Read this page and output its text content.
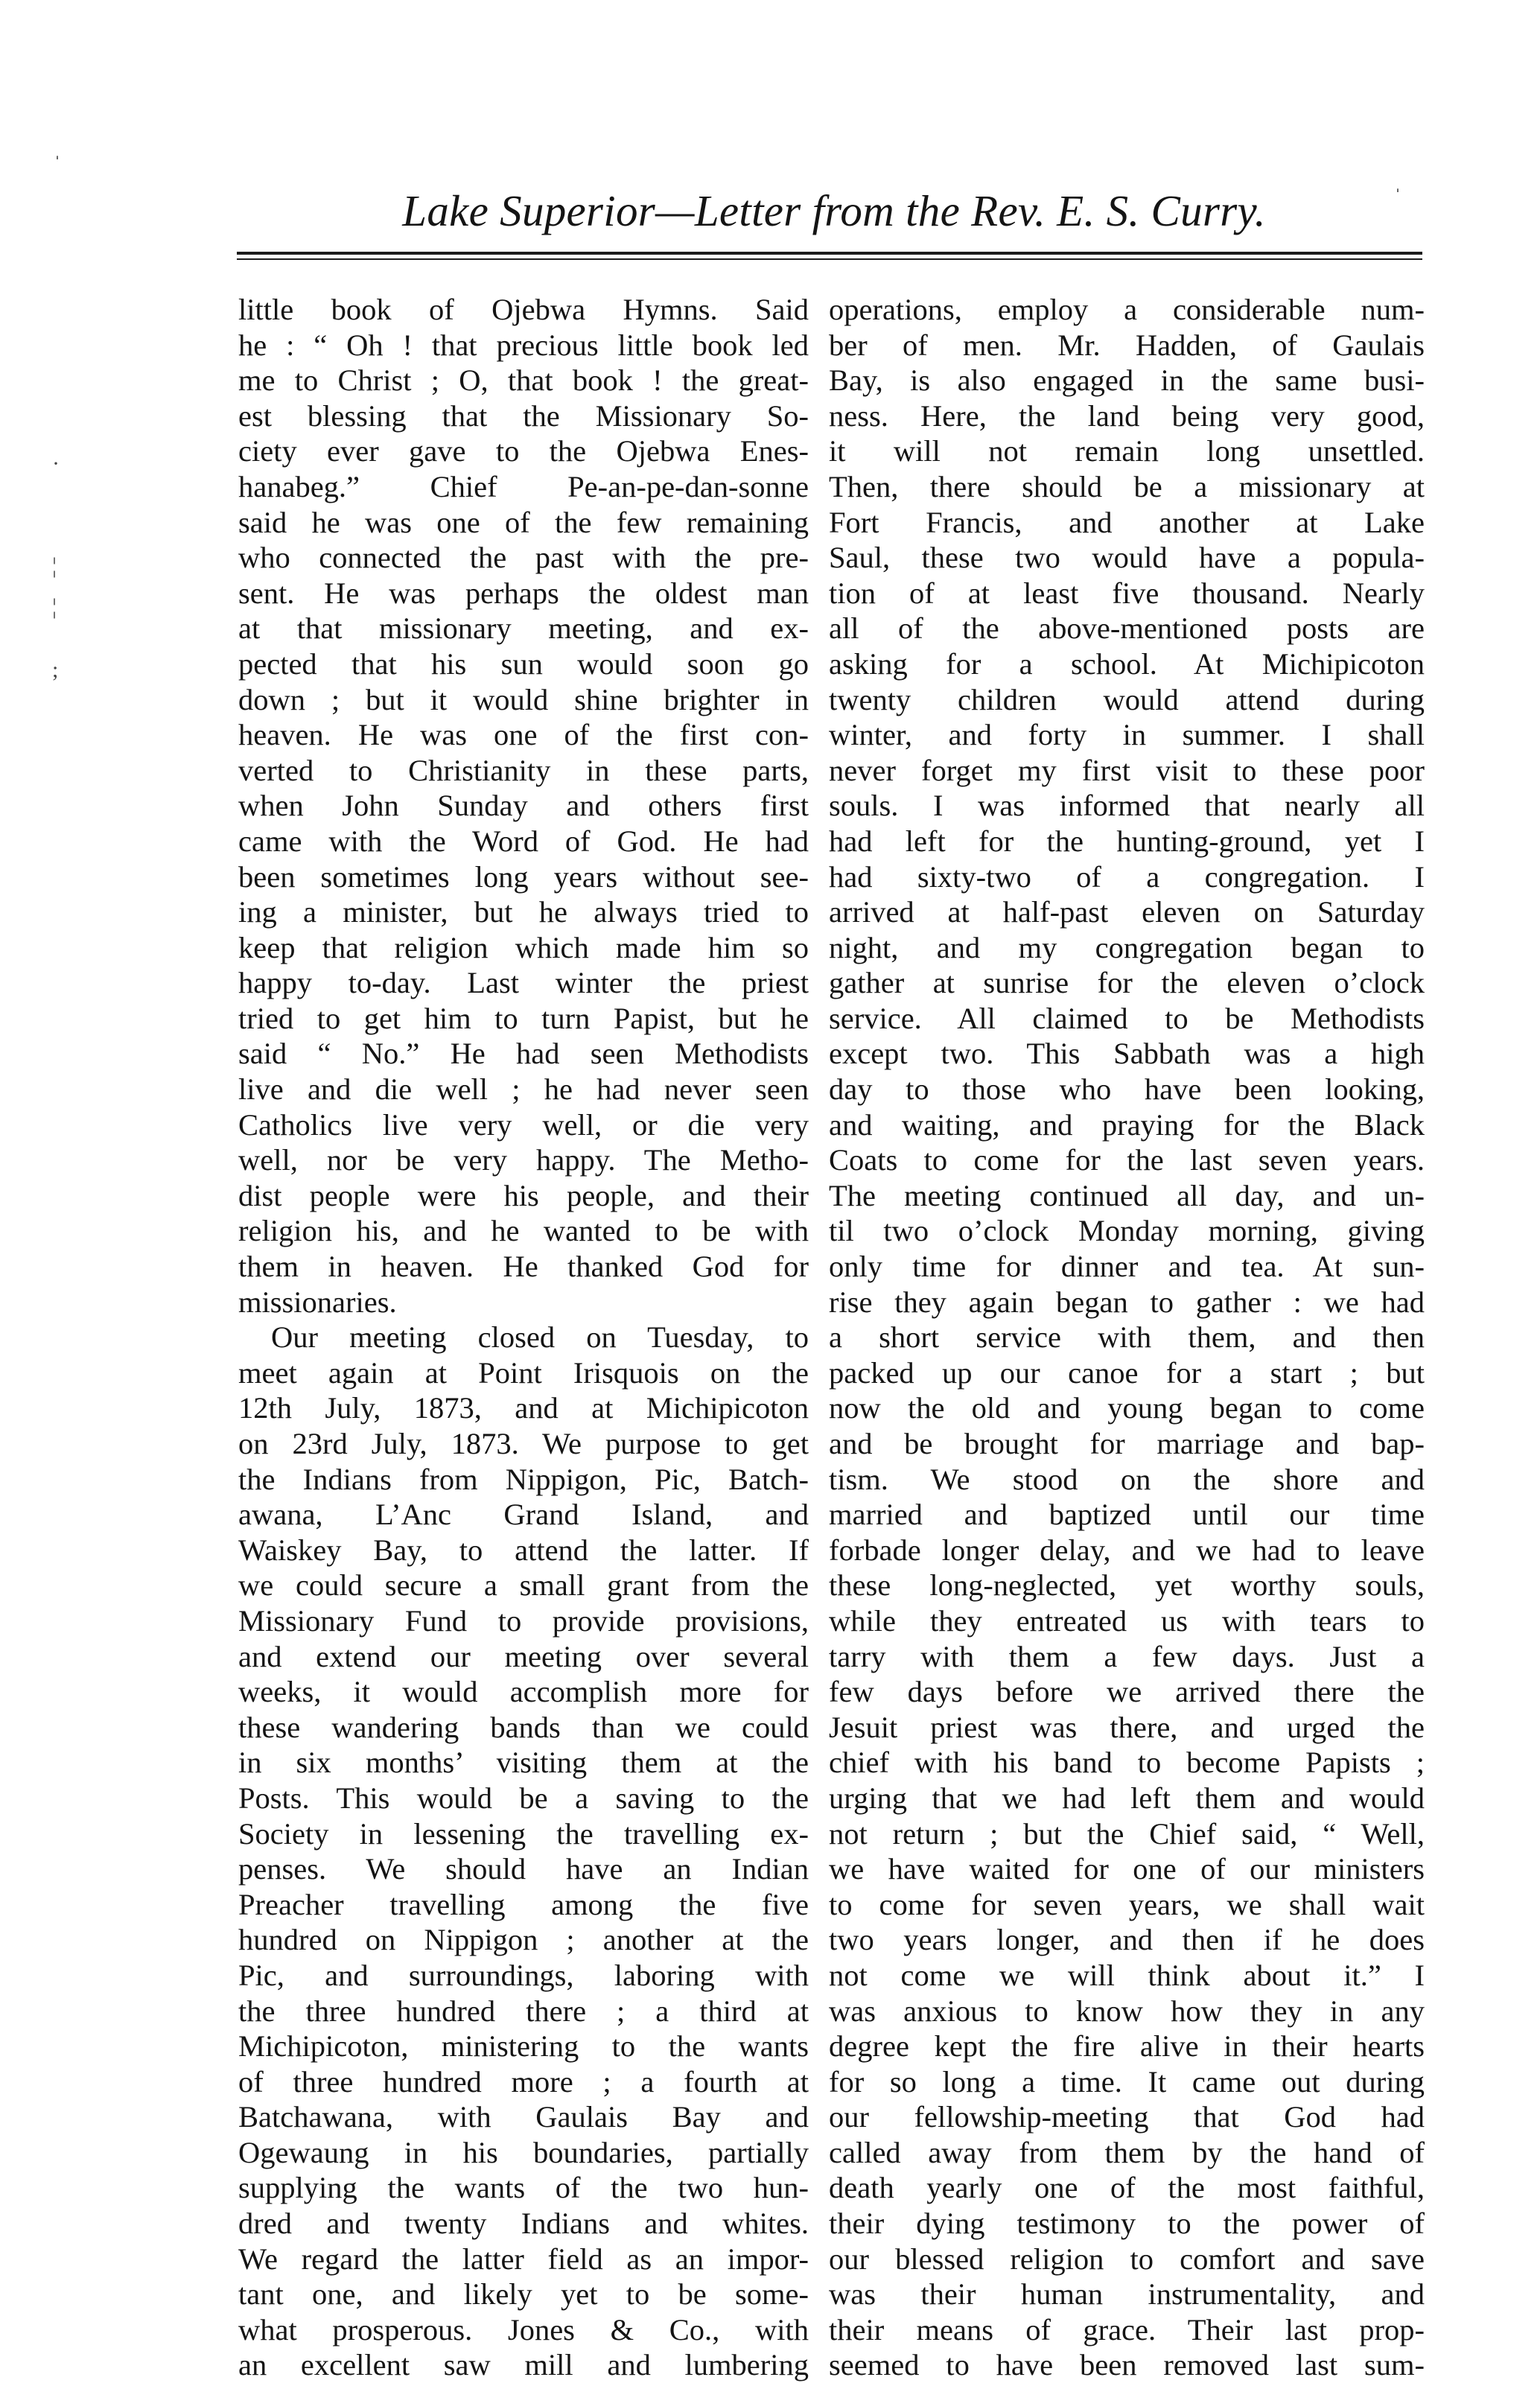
Lake Superior—Letter from the Rev. E. S. Curry.
ˈ
·
¦
¦
;
ˈ
little book of Ojebwa Hymns. Said
he : “ Oh ! that precious little book led
me to Christ ; O, that book ! the great-
est blessing that the Missionary So-
ciety ever gave to the Ojebwa Enes-
hanabeg.” Chief Pe-an-pe-dan-sonne
said he was one of the few remaining
who connected the past with the pre-
sent. He was perhaps the oldest man
at that missionary meeting, and ex-
pected that his sun would soon go
down ; but it would shine brighter in
heaven. He was one of the first con-
verted to Christianity in these parts,
when John Sunday and others first
came with the Word of God. He had
been sometimes long years without see-
ing a minister, but he always tried to
keep that religion which made him so
happy to-day. Last winter the priest
tried to get him to turn Papist, but he
said “ No.” He had seen Methodists
live and die well ; he had never seen
Catholics live very well, or die very
well, nor be very happy. The Metho-
dist people were his people, and their
religion his, and he wanted to be with
them in heaven. He thanked God for
missionaries.
Our meeting closed on Tuesday, to
meet again at Point Irisquois on the
12th July, 1873, and at Michipicoton
on 23rd July, 1873. We purpose to get
the Indians from Nippigon, Pic, Batch-
awana, L’Anc Grand Island, and
Waiskey Bay, to attend the latter. If
we could secure a small grant from the
Missionary Fund to provide provisions,
and extend our meeting over several
weeks, it would accomplish more for
these wandering bands than we could
in six months’ visiting them at the
Posts. This would be a saving to the
Society in lessening the travelling ex-
penses. We should have an Indian
Preacher travelling among the five
hundred on Nippigon ; another at the
Pic, and surroundings, laboring with
the three hundred there ; a third at
Michipicoton, ministering to the wants
of three hundred more ; a fourth at
Batchawana, with Gaulais Bay and
Ogewaung in his boundaries, partially
supplying the wants of the two hun-
dred and twenty Indians and whites.
We regard the latter field as an impor-
tant one, and likely yet to be some-
what prosperous. Jones & Co., with
an excellent saw mill and lumbering
operations, employ a considerable num-
ber of men. Mr. Hadden, of Gaulais
Bay, is also engaged in the same busi-
ness. Here, the land being very good,
it will not remain long unsettled.
Then, there should be a missionary at
Fort Francis, and another at Lake
Saul, these two would have a popula-
tion of at least five thousand. Nearly
all of the above-mentioned posts are
asking for a school. At Michipicoton
twenty children would attend during
winter, and forty in summer. I shall
never forget my first visit to these poor
souls. I was informed that nearly all
had left for the hunting-ground, yet I
had sixty-two of a congregation. I
arrived at half-past eleven on Saturday
night, and my congregation began to
gather at sunrise for the eleven o’clock
service. All claimed to be Methodists
except two. This Sabbath was a high
day to those who have been looking,
and waiting, and praying for the Black
Coats to come for the last seven years.
The meeting continued all day, and un-
til two o’clock Monday morning, giving
only time for dinner and tea. At sun-
rise they again began to gather : we had
a short service with them, and then
packed up our canoe for a start ; but
now the old and young began to come
and be brought for marriage and bap-
tism. We stood on the shore and
married and baptized until our time
forbade longer delay, and we had to leave
these long-neglected, yet worthy souls,
while they entreated us with tears to
tarry with them a few days. Just a
few days before we arrived there the
Jesuit priest was there, and urged the
chief with his band to become Papists ;
urging that we had left them and would
not return ; but the Chief said, “ Well,
we have waited for one of our ministers
to come for seven years, we shall wait
two years longer, and then if he does
not come we will think about it.” I
was anxious to know how they in any
degree kept the fire alive in their hearts
for so long a time. It came out during
our fellowship-meeting that God had
called away from them by the hand of
death yearly one of the most faithful,
their dying testimony to the power of
our blessed religion to comfort and save
was their human instrumentality, and
their means of grace. Their last prop-
seemed to have been removed last sum-
